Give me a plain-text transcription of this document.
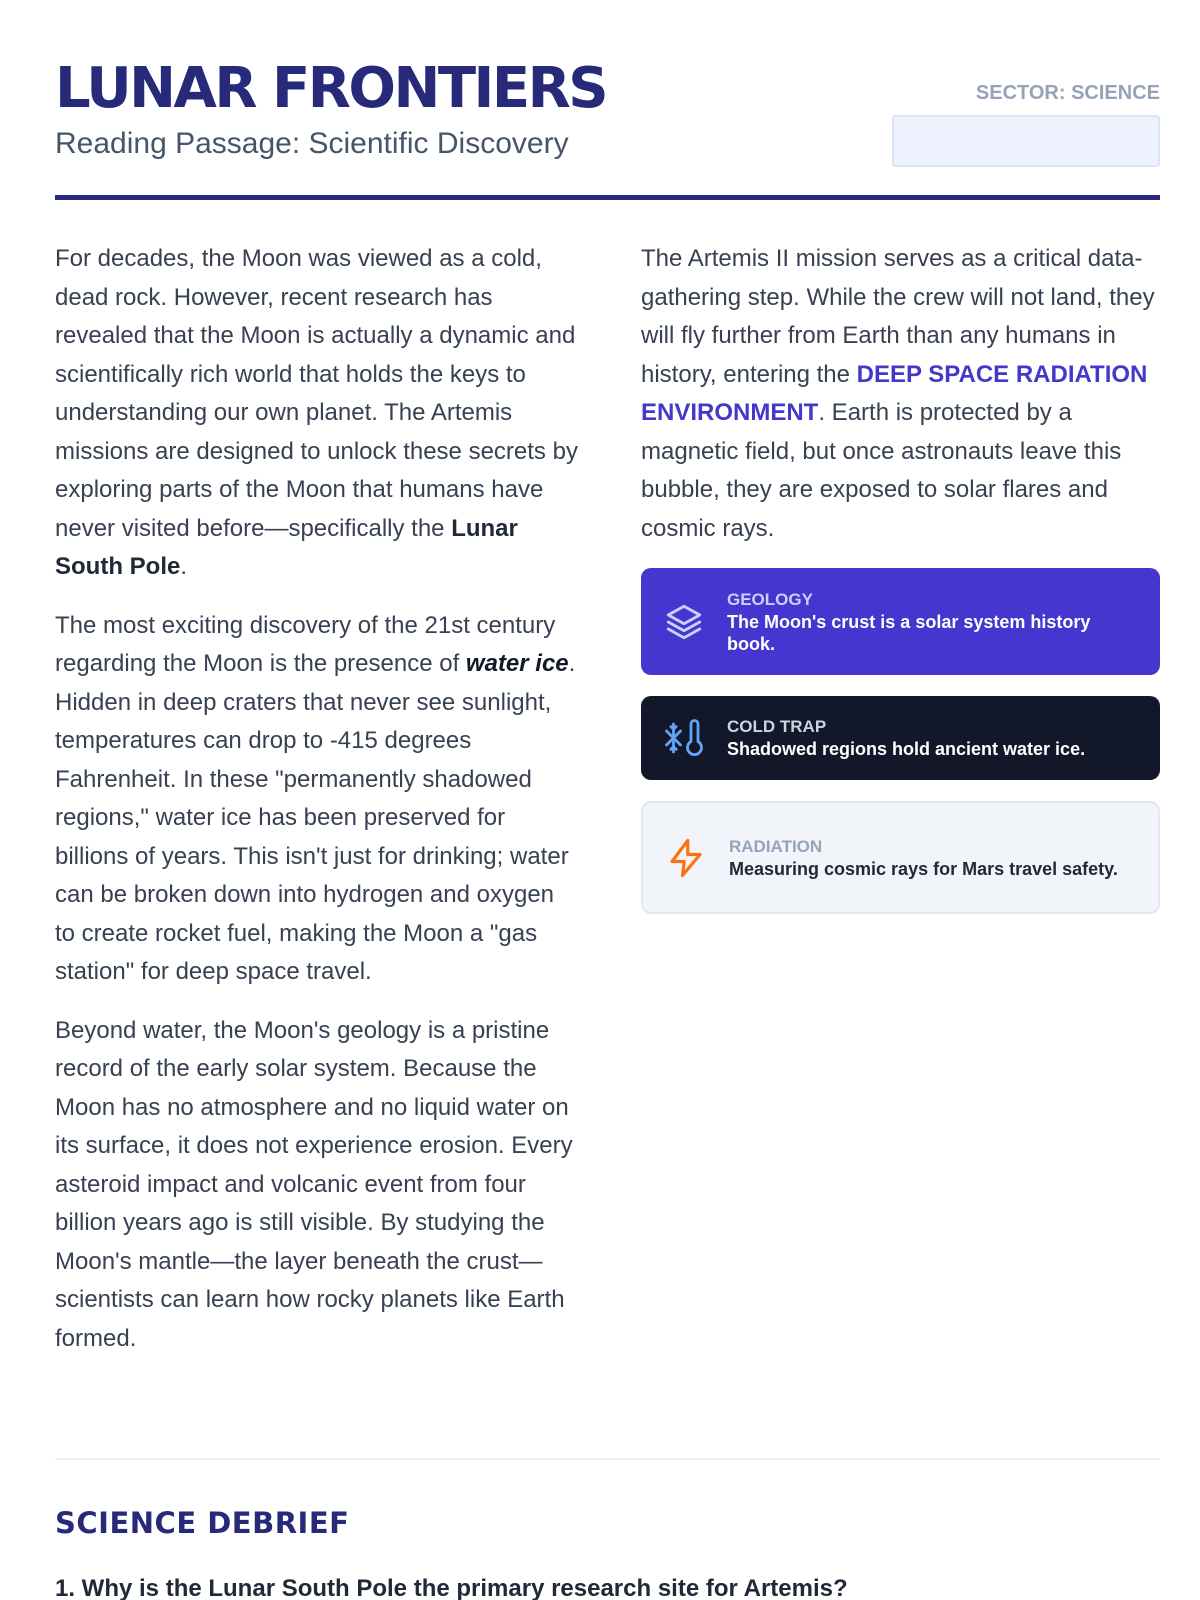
LUNAR FRONTIERS
Reading Passage: Scientific Discovery
SECTOR: SCIENCE

For decades, the Moon was viewed as a cold, dead rock. However, recent research has revealed that the Moon is actually a dynamic and scientifically rich world that holds the keys to understanding our own planet. The Artemis missions are designed to unlock these secrets by exploring parts of the Moon that humans have never visited before—specifically the Lunar South Pole.

The most exciting discovery of the 21st century regarding the Moon is the presence of water ice. Hidden in deep craters that never see sunlight, temperatures can drop to -415 degrees Fahrenheit. In these "permanently shadowed regions," water ice has been preserved for billions of years. This isn't just for drinking; water can be broken down into hydrogen and oxygen to create rocket fuel, making the Moon a "gas station" for deep space travel.

Beyond water, the Moon's geology is a pristine record of the early solar system. Because the Moon has no atmosphere and no liquid water on its surface, it does not experience erosion. Every asteroid impact and volcanic event from four billion years ago is still visible. By studying the Moon's mantle—the layer beneath the crust—scientists can learn how rocky planets like Earth formed.

The Artemis II mission serves as a critical data-gathering step. While the crew will not land, they will fly further from Earth than any humans in history, entering the DEEP SPACE RADIATION ENVIRONMENT. Earth is protected by a magnetic field, but once astronauts leave this bubble, they are exposed to solar flares and cosmic rays.

GEOLOGY
The Moon's crust is a solar system history book.
COLD TRAP
Shadowed regions hold ancient water ice.
RADIATION
Measuring cosmic rays for Mars travel safety.
SCIENCE DEBRIEF
1. Why is the Lunar South Pole the primary research site for Artemis?
